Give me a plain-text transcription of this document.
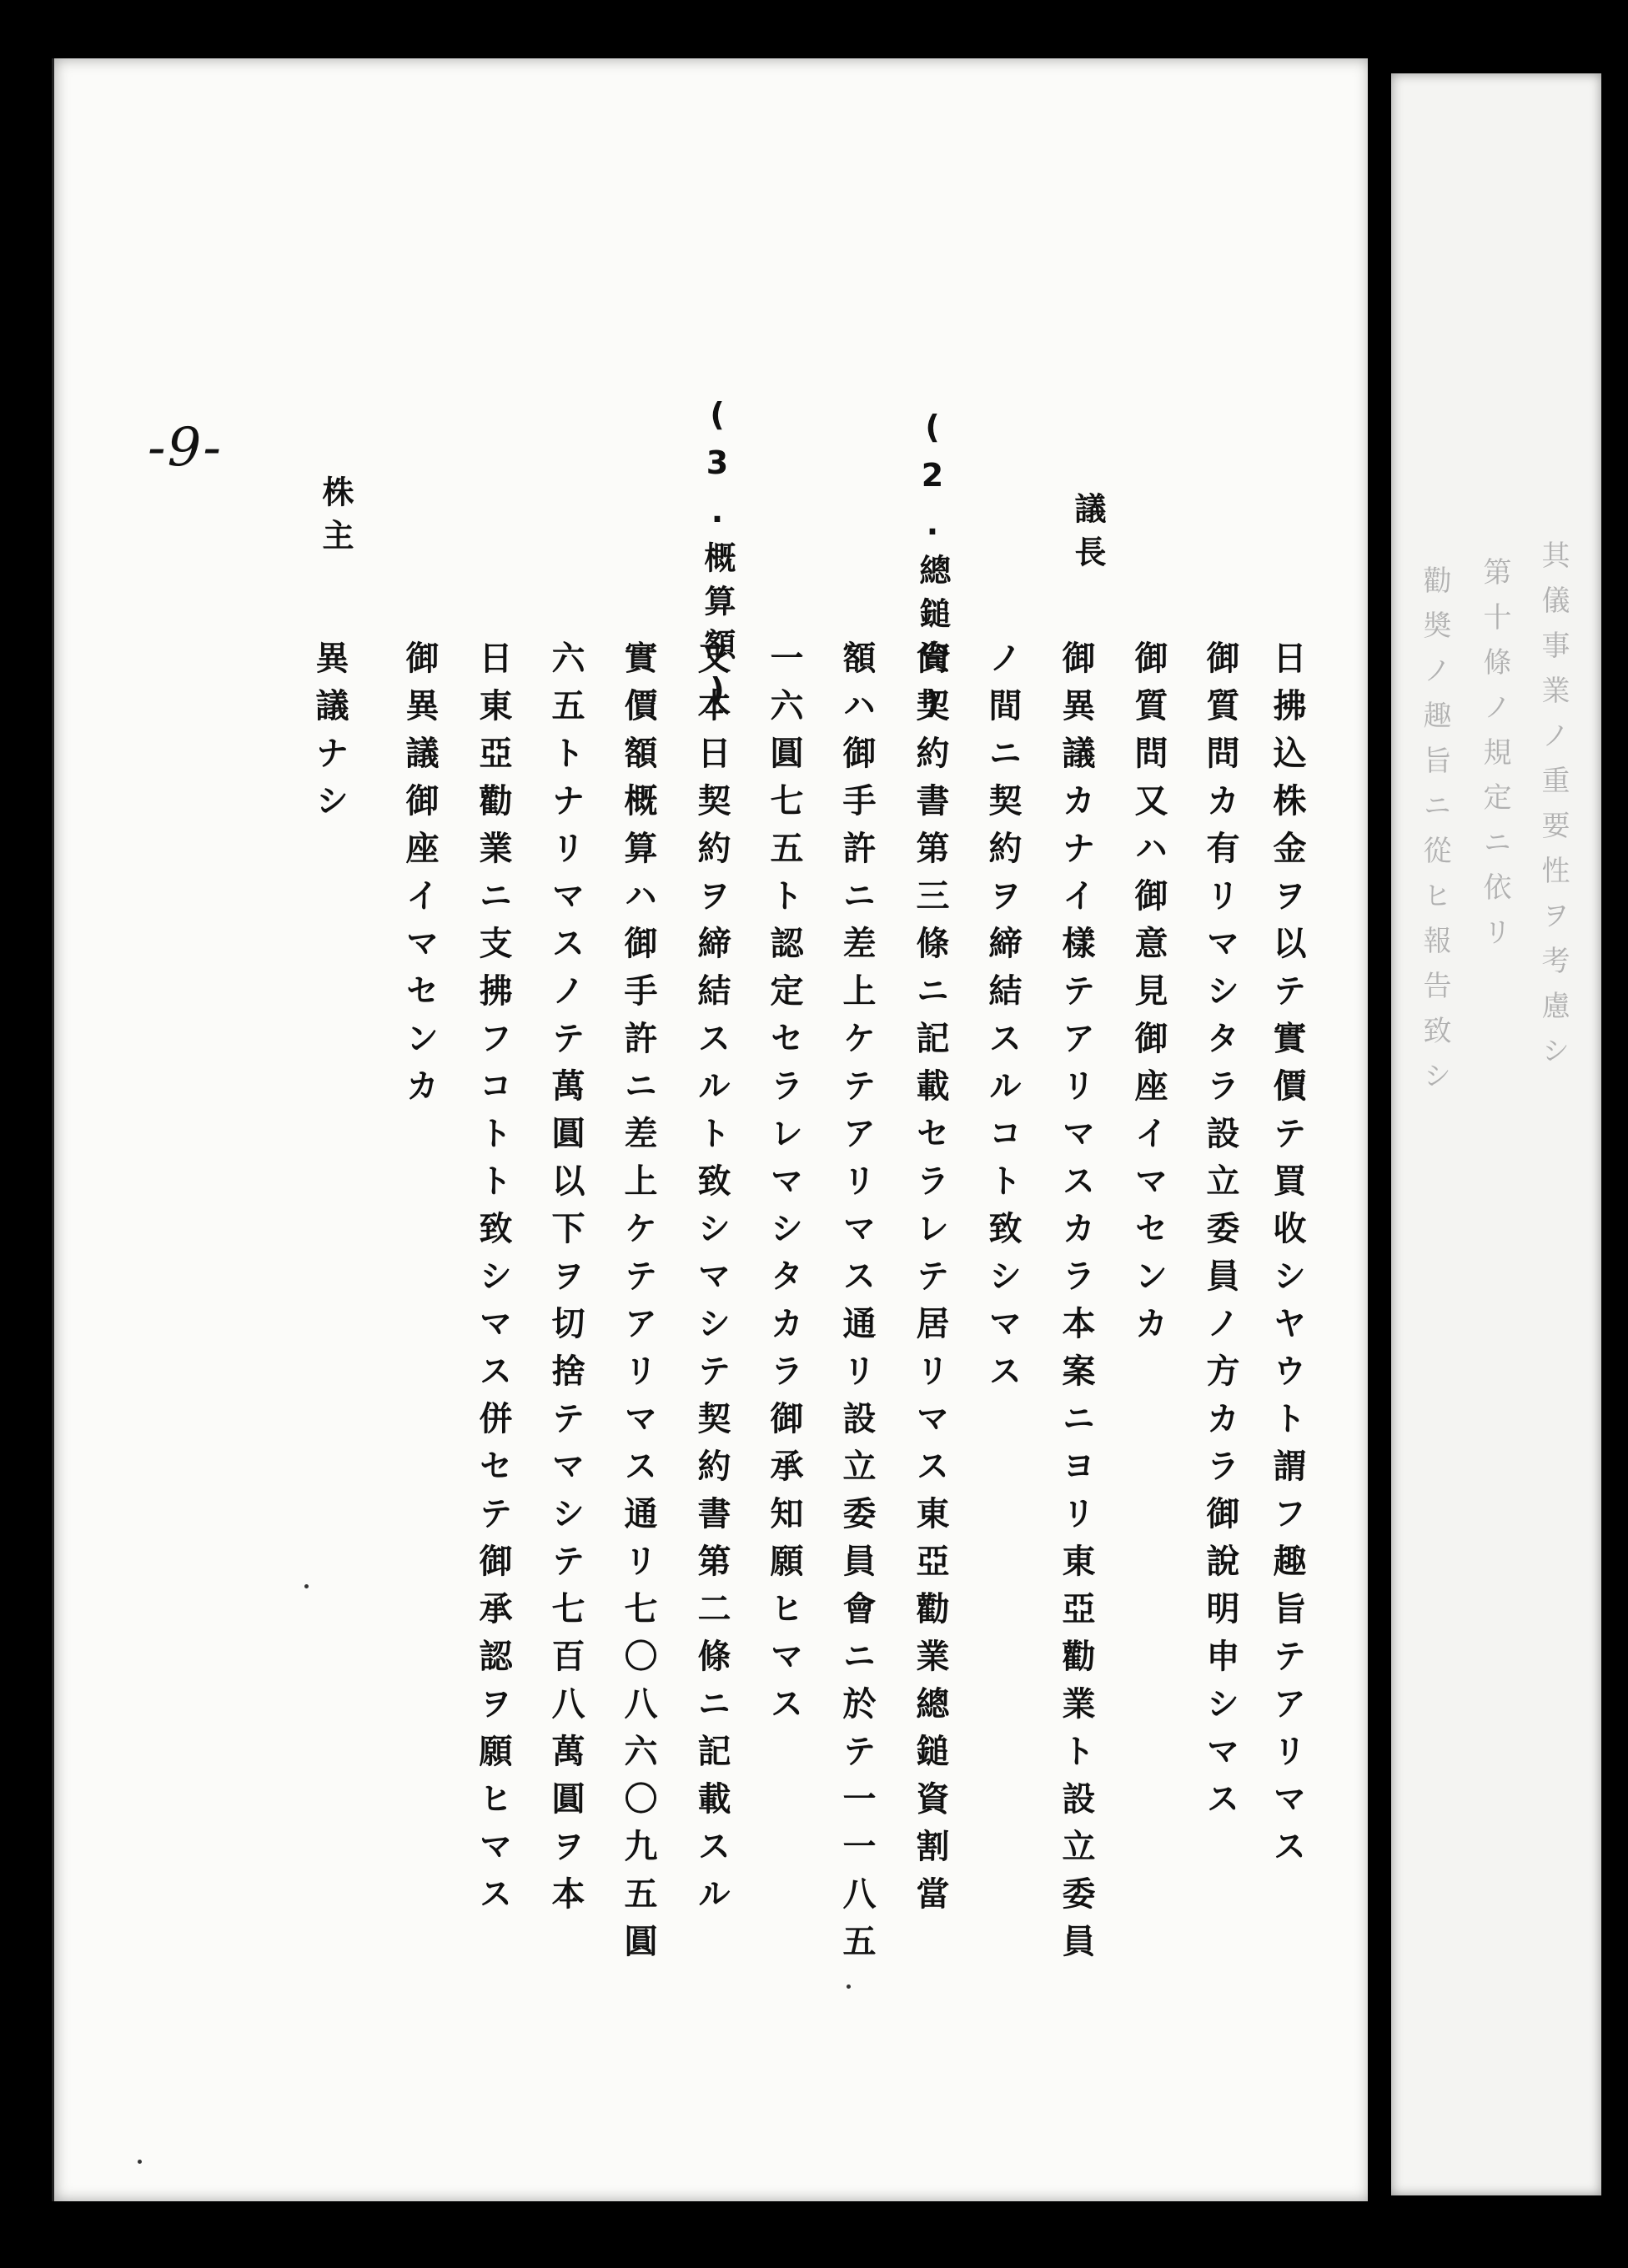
-9-
日拂込株金ヲ以テ實價テ買收シヤウト謂フ趣旨テアリマス
御質問カ有リマシタラ設立委員ノ方カラ御說明申シマス
議長
御質問又ハ御意見御座イマセンカ
御異議カナイ樣テアリマスカラ本案ニヨリ東亞勸業ト設立委員
ノ間ニ契約ヲ締結スルコト致シマス
(2.總鎚資)
尙契約書第三條ニ記載セラレテ居リマス東亞勸業總鎚資割當
額ハ御手許ニ差上ケテアリマス通リ設立委員會ニ於テ一一八五
一六圓七五ト認定セラレマシタカラ御承知願ヒマス
(3.概算額)
又本日契約ヲ締結スルト致シマシテ契約書第二條ニ記載スル
實價額概算ハ御手許ニ差上ケテアリマス通リ七〇八六〇九五圓
六五トナリマスノテ萬圓以下ヲ切捨テマシテ七百八萬圓ヲ本
日東亞勸業ニ支拂フコトト致シマス併セテ御承認ヲ願ヒマス
御異議御座イマセンカ
株主
異議ナシ	其儀事業ノ重要性ヲ考慮シ
第十條ノ規定ニ依リ
勸奬ノ趣旨ニ從ヒ報告致シ
